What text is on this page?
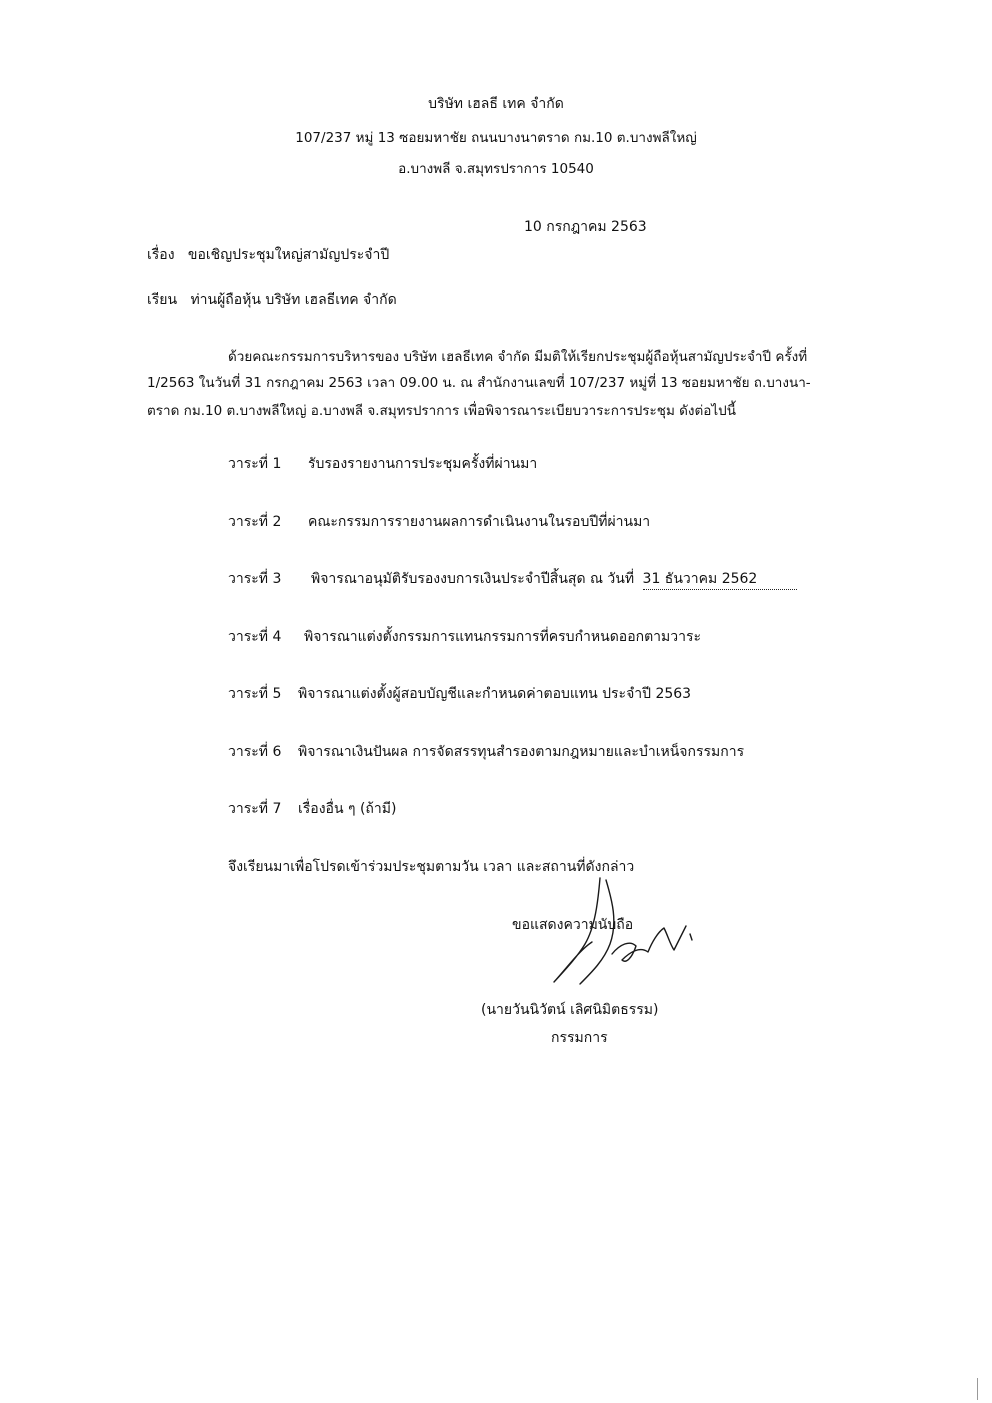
บริษัท เฮลธี เทค จำกัด
107/237 หมู่ 13 ซอยมหาชัย ถนนบางนาตราด กม.10 ต.บางพลีใหญ่
อ.บางพลี จ.สมุทรปราการ 10540
10 กรกฎาคม 2563
เรื่อง ขอเชิญประชุมใหญ่สามัญประจำปี
เรียน ท่านผู้ถือหุ้น บริษัท เฮลธีเทค จำกัด
ด้วยคณะกรรมการบริหารของ บริษัท เฮลธีเทค จำกัด มีมติให้เรียกประชุมผู้ถือหุ้นสามัญประจำปี ครั้งที่
1/2563 ในวันที่ 31 กรกฎาคม 2563 เวลา 09.00 น. ณ สำนักงานเลขที่ 107/237 หมู่ที่ 13 ซอยมหาชัย ถ.บางนา-
ตราด กม.10 ต.บางพลีใหญ่ อ.บางพลี จ.สมุทรปราการ เพื่อพิจารณาระเบียบวาระการประชุม ดังต่อไปนี้
วาระที่ 1 รับรองรายงานการประชุมครั้งที่ผ่านมา
วาระที่ 2 คณะกรรมการรายงานผลการดำเนินงานในรอบปีที่ผ่านมา
วาระที่ 3 พิจารณาอนุมัติรับรองงบการเงินประจำปีสิ้นสุด ณ วันที่ 31 ธันวาคม 2562
วาระที่ 4 พิจารณาแต่งตั้งกรรมการแทนกรรมการที่ครบกำหนดออกตามวาระ
วาระที่ 5 พิจารณาแต่งตั้งผู้สอบบัญชีและกำหนดค่าตอบแทน ประจำปี 2563
วาระที่ 6 พิจารณาเงินปันผล การจัดสรรทุนสำรองตามกฎหมายและบำเหน็จกรรมการ
วาระที่ 7 เรื่องอื่น ๆ (ถ้ามี)
จึงเรียนมาเพื่อโปรดเข้าร่วมประชุมตามวัน เวลา และสถานที่ดังกล่าว
ขอแสดงความนับถือ
(นายวันนิวัตน์ เลิศนิมิตธรรม)
กรรมการ
